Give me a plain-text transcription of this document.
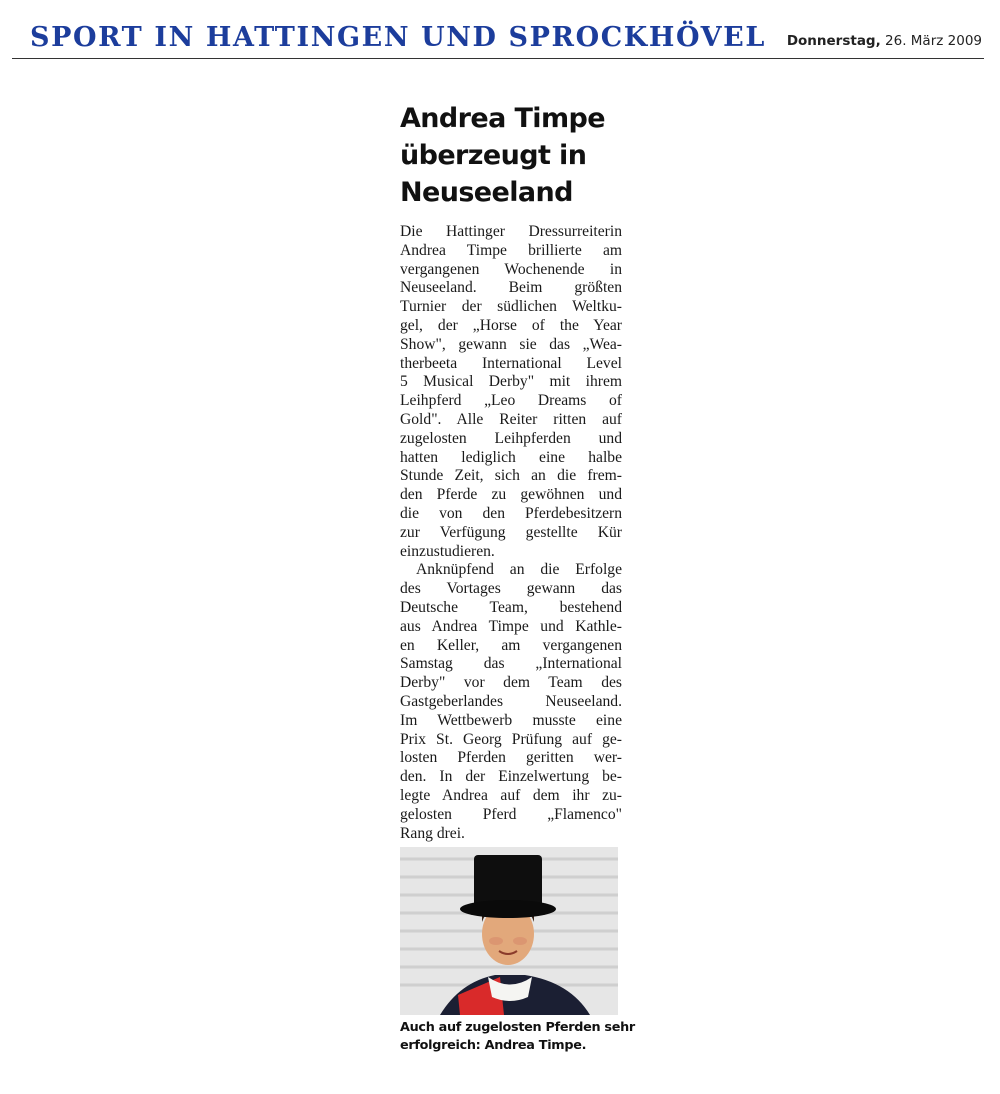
SPORT IN HATTINGEN UND SPROCKHÖVEL Donnerstag, 26. März 2009
Andrea Timpe
überzeugt in
Neuseeland

Die Hattinger Dressurreiterin
Andrea Timpe brillierte am
vergangenen Wochenende in
Neuseeland. Beim größten
Turnier der südlichen Weltku-
gel, der „Horse of the Year
Show", gewann sie das „Wea-
therbeeta International Level
5 Musical Derby" mit ihrem
Leihpferd „Leo Dreams of
Gold". Alle Reiter ritten auf
zugelosten Leihpferden und
hatten lediglich eine halbe
Stunde Zeit, sich an die frem-
den Pferde zu gewöhnen und
die von den Pferdebesitzern
zur Verfügung gestellte Kür
einzustudieren.

Anknüpfend an die Erfolge
des Vortages gewann das
Deutsche Team, bestehend
aus Andrea Timpe und Kathle-
en Keller, am vergangenen
Samstag das „International
Derby" vor dem Team des
Gastgeberlandes Neuseeland.
Im Wettbewerb musste eine
Prix St. Georg Prüfung auf ge-
losten Pferden geritten wer-
den. In der Einzelwertung be-
legte Andrea auf dem ihr zu-
gelosten Pferd „Flamenco"
Rang drei.

Auch auf zugelosten Pferden sehr
erfolgreich: Andrea Timpe.
